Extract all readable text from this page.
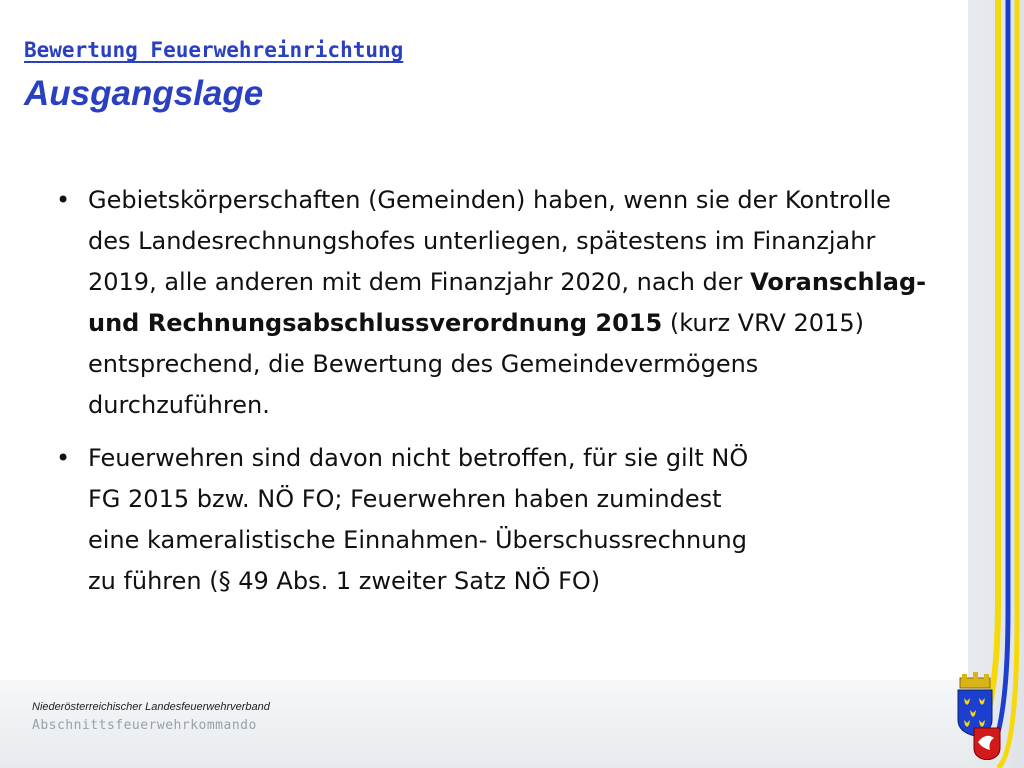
Bewertung Feuerwehreinrichtung
Ausgangslage
• Gebietskörperschaften (Gemeinden) haben, wenn sie der Kontrolle des Landesrechnungshofes unterliegen, spätestens im Finanzjahr 2019, alle anderen mit dem Finanzjahr 2020, nach der Voranschlag- und Rechnungsabschlussverordnung 2015 (kurz VRV 2015) entsprechend, die Bewertung des Gemeindevermögens durchzuführen.
• Feuerwehren sind davon nicht betroffen, für sie gilt NÖ
FG 2015 bzw. NÖ FO; Feuerwehren haben zumindest
eine kameralistische Einnahmen- Überschussrechnung
zu führen (§ 49 Abs. 1 zweiter Satz NÖ FO)

Niederösterreichischer Landesfeuerwehrverband

Abschnittsfeuerwehrkommando
